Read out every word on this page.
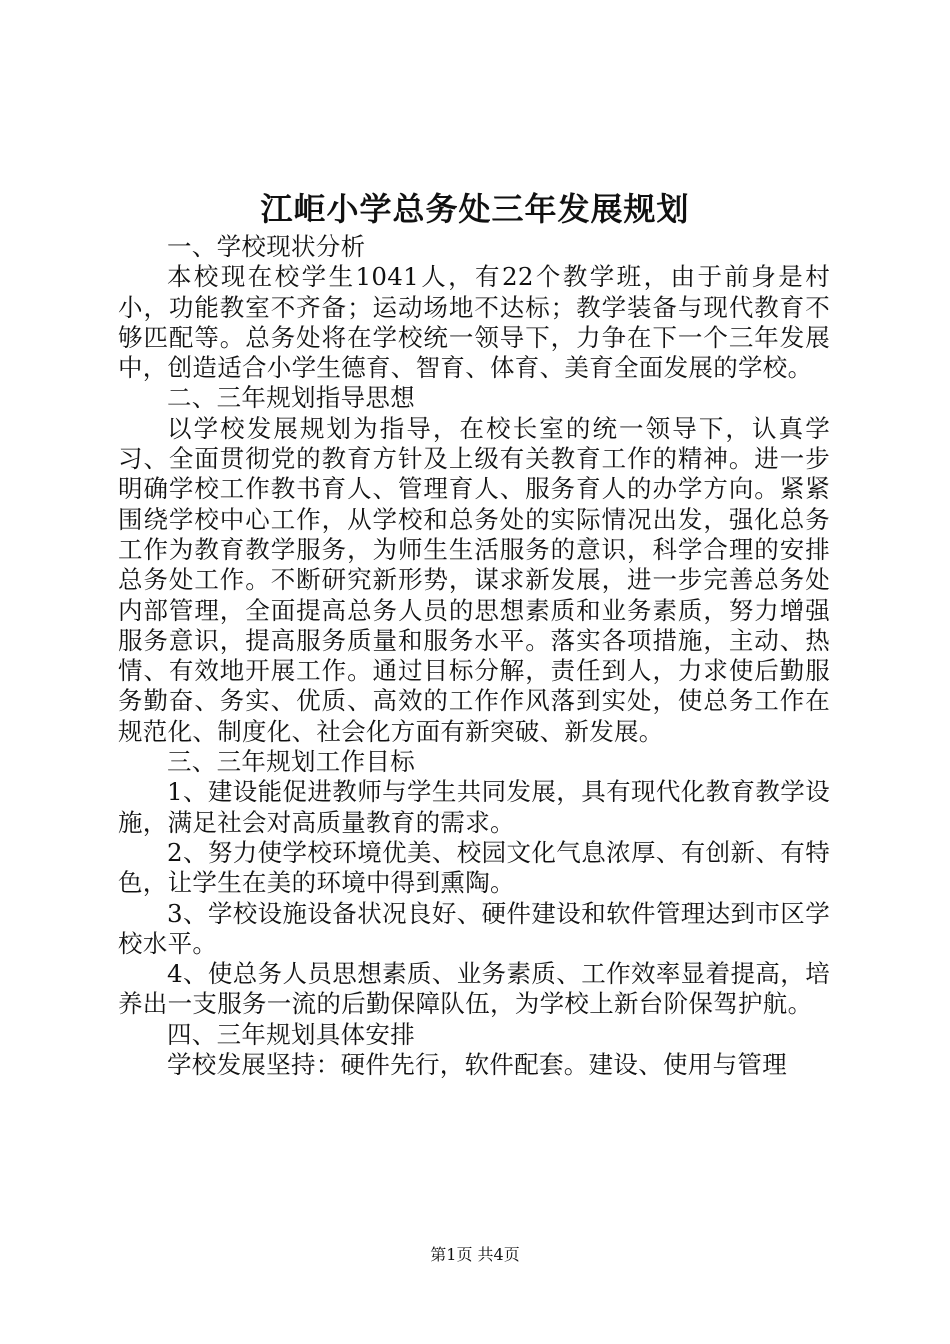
江岠小学总务处三年发展规划

一、学校现状分析

本校现在校学生1041人，有22个教学班，由于前身是村小，功能教室不齐备；运动场地不达标；教学装备与现代教育不够匹配等。总务处将在学校统一领导下，力争在下一个三年发展中，创造适合小学生德育、智育、体育、美育全面发展的学校。

二、三年规划指导思想

以学校发展规划为指导，在校长室的统一领导下，认真学习、全面贯彻党的教育方针及上级有关教育工作的精神。进一步明确学校工作教书育人、管理育人、服务育人的办学方向。紧紧围绕学校中心工作，从学校和总务处的实际情况出发，强化总务工作为教育教学服务，为师生生活服务的意识，科学合理的安排总务处工作。不断研究新形势，谋求新发展，进一步完善总务处内部管理，全面提高总务人员的思想素质和业务素质，努力增强服务意识，提高服务质量和服务水平。落实各项措施，主动、热情、有效地开展工作。通过目标分解，责任到人，力求使后勤服务勤奋、务实、优质、高效的工作作风落到实处，使总务工作在规范化、制度化、社会化方面有新突破、新发展。

三、三年规划工作目标

1、建设能促进教师与学生共同发展，具有现代化教育教学设施，满足社会对高质量教育的需求。

2、努力使学校环境优美、校园文化气息浓厚、有创新、有特色，让学生在美的环境中得到熏陶。

3、学校设施设备状况良好、硬件建设和软件管理达到市区学校水平。

4、使总务人员思想素质、业务素质、工作效率显着提高，培养出一支服务一流的后勤保障队伍，为学校上新台阶保驾护航。

四、三年规划具体安排

学校发展坚持：硬件先行，软件配套。建设、使用与管理

第1页 共4页
